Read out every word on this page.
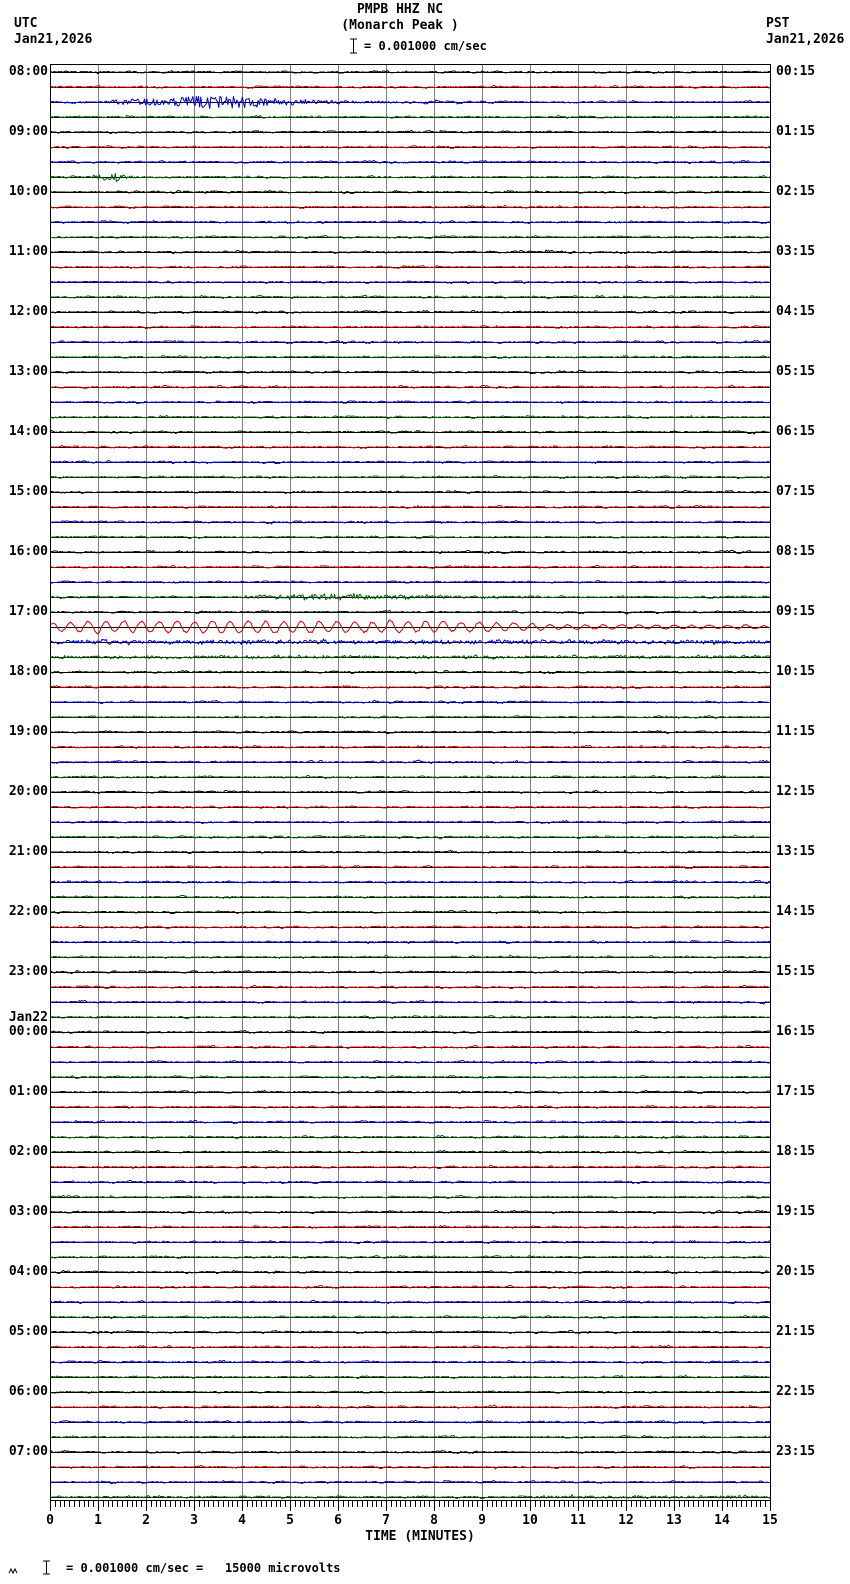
UTC
Jan21,2026
PMPB HHZ NC
(Monarch Peak )
= 0.001000 cm/sec
PST
Jan21,2026
08:00
09:00
10:00
11:00
12:00
13:00
14:00
15:00
16:00
17:00
18:00
19:00
20:00
21:00
22:00
23:00
Jan22
00:00
01:00
02:00
03:00
04:00
05:00
06:00
07:00
00:15
01:15
02:15
03:15
04:15
05:15
06:15
07:15
08:15
09:15
10:15
11:15
12:15
13:15
14:15
15:15
16:15
17:15
18:15
19:15
20:15
21:15
22:15
23:15
0	1	2	3	4	5	6	7	8	9	10	11	12	13	14	15
TIME (MINUTES)
= 0.001000 cm/sec =   15000 microvolts
